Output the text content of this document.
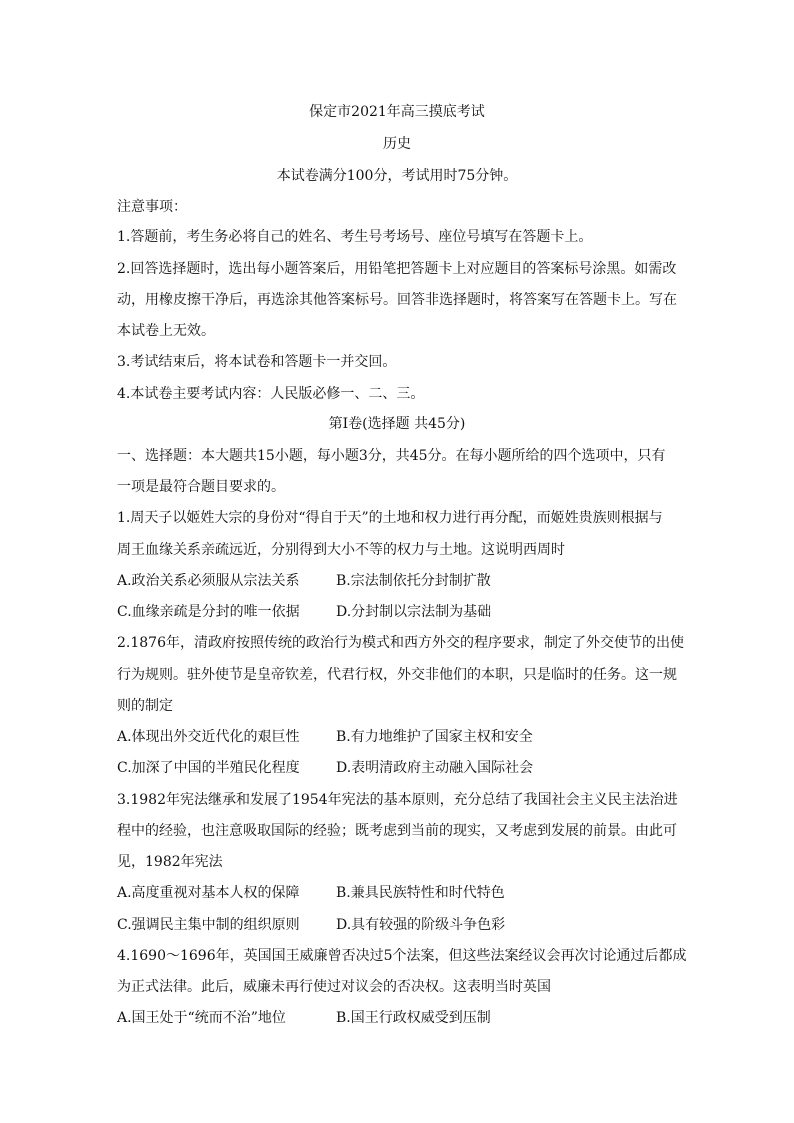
保定市2021年高三摸底考试
历史
本试卷满分100分，考试用时75分钟。
注意事项：
1.答题前，考生务必将自己的姓名、考生号考场号、座位号填写在答题卡上。
2.回答选择题时，选出每小题答案后，用铅笔把答题卡上对应题目的答案标号涂黑。如需改
动，用橡皮擦干净后，再选涂其他答案标号。回答非选择题时，将答案写在答题卡上。写在
本试卷上无效。
3.考试结束后，将本试卷和答题卡一并交回。
4.本试卷主要考试内容：人民版必修一、二、三。
第Ⅰ卷(选择题 共45分)
一、选择题：本大题共15小题，每小题3分，共45分。在每小题所给的四个选项中，只有
一项是最符合题目要求的。
1.周天子以姬姓大宗的身份对“得自于天”的土地和权力进行再分配，而姬姓贵族则根据与
周王血缘关系亲疏远近，分别得到大小不等的权力与土地。这说明西周时
A.政治关系必须服从宗法关系	B.宗法制依托分封制扩散
C.血缘亲疏是分封的唯一依据	D.分封制以宗法制为基础
2.1876年，清政府按照传统的政治行为模式和西方外交的程序要求，制定了外交使节的出使
行为规则。驻外使节是皇帝钦差，代君行权，外交非他们的本职，只是临时的任务。这一规
则的制定
A.体现出外交近代化的艰巨性	B.有力地维护了国家主权和安全
C.加深了中国的半殖民化程度	D.表明清政府主动融入国际社会
3.1982年宪法继承和发展了1954年宪法的基本原则，充分总结了我国社会主义民主法治进
程中的经验，也注意吸取国际的经验；既考虑到当前的现实，又考虑到发展的前景。由此可
见，1982年宪法
A.高度重视对基本人权的保障	B.兼具民族特性和时代特色
C.强调民主集中制的组织原则	D.具有较强的阶级斗争色彩
4.1690～1696年，英国国王威廉曾否决过5个法案，但这些法案经议会再次讨论通过后都成
为正式法律。此后，威廉未再行使过对议会的否决权。这表明当时英国
A.国王处于“统而不治”地位	B.国王行政权威受到压制
